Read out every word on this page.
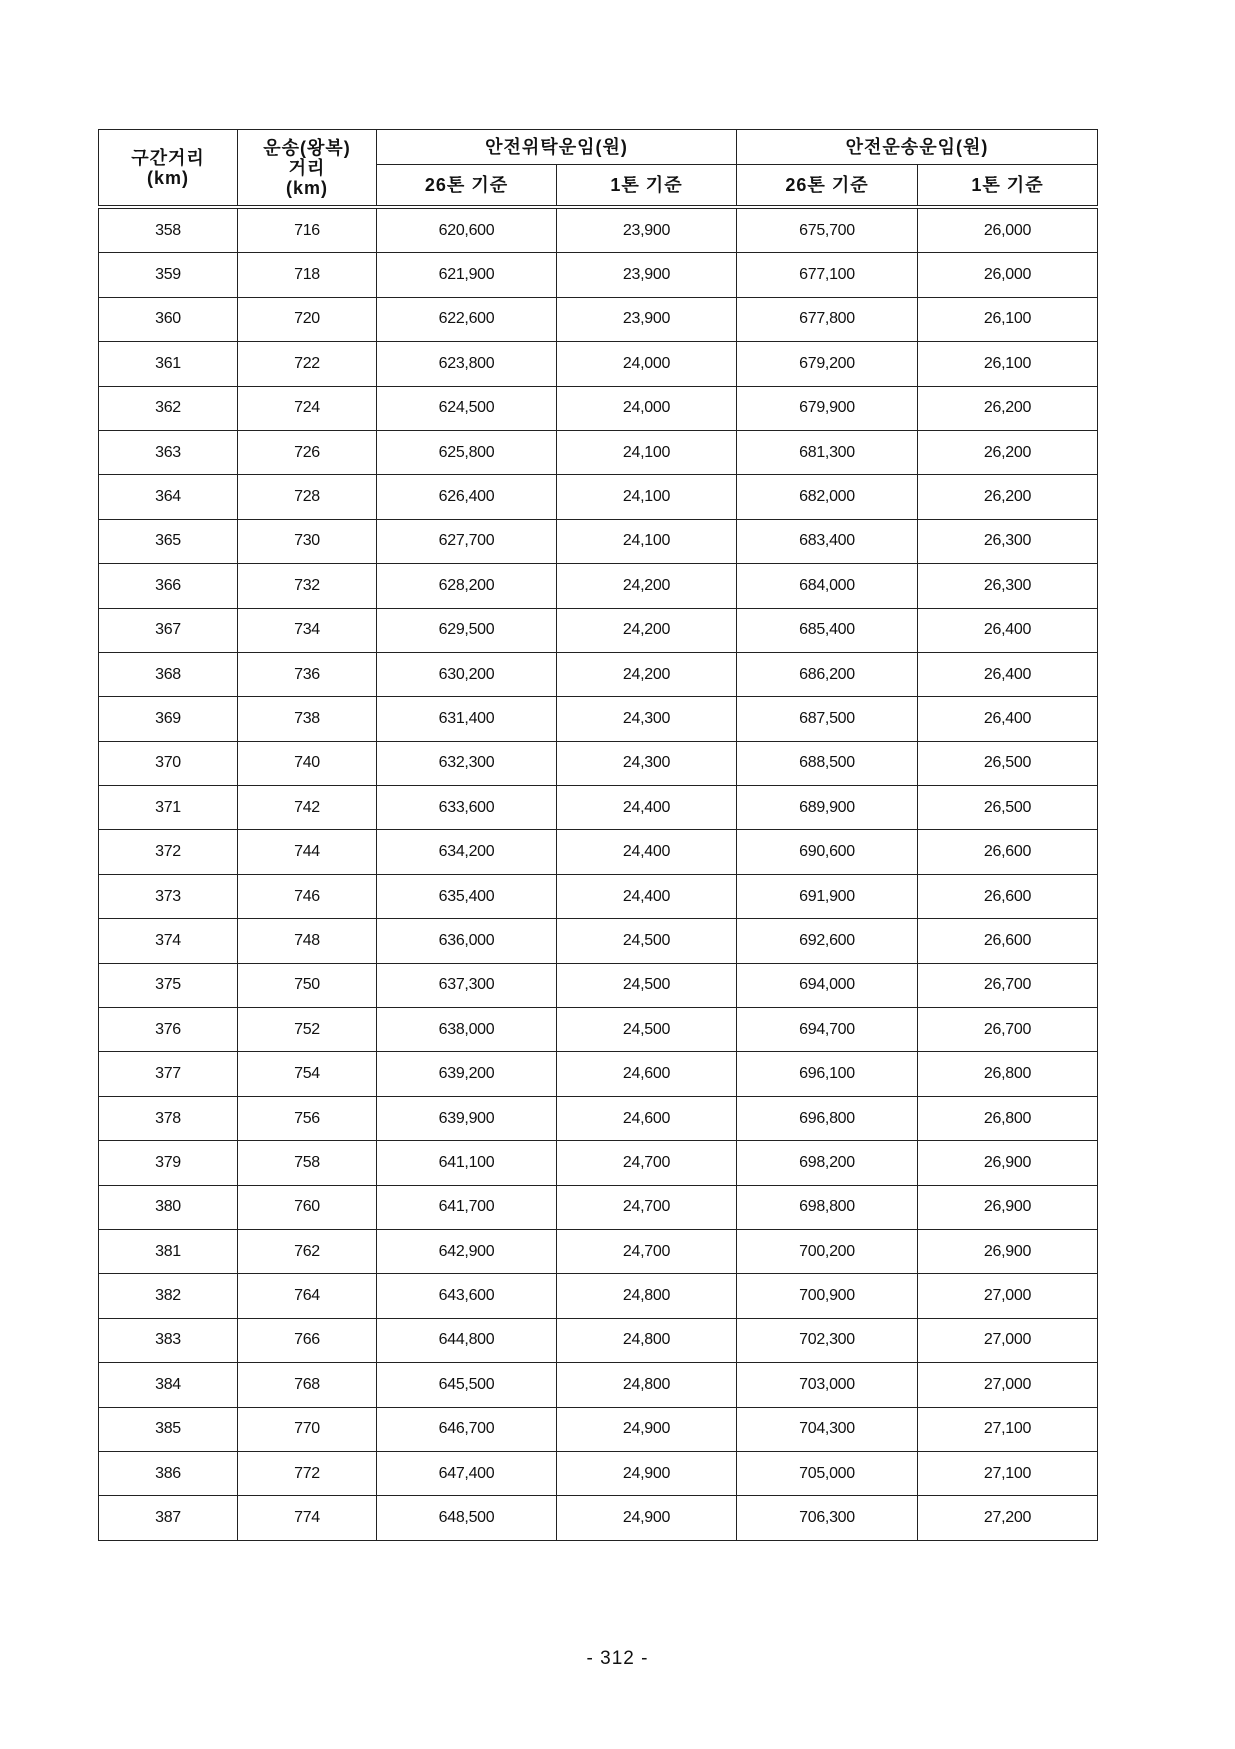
구간거리
(km)	운송(왕복)
거리
(km)	안전위탁운임(원)		안전운송운임(원)	
		26톤 기준	1톤 기준	26톤 기준	1톤 기준
358	716	620,600	23,900	675,700	26,000
359	718	621,900	23,900	677,100	26,000
360	720	622,600	23,900	677,800	26,100
361	722	623,800	24,000	679,200	26,100
362	724	624,500	24,000	679,900	26,200
363	726	625,800	24,100	681,300	26,200
364	728	626,400	24,100	682,000	26,200
365	730	627,700	24,100	683,400	26,300
366	732	628,200	24,200	684,000	26,300
367	734	629,500	24,200	685,400	26,400
368	736	630,200	24,200	686,200	26,400
369	738	631,400	24,300	687,500	26,400
370	740	632,300	24,300	688,500	26,500
371	742	633,600	24,400	689,900	26,500
372	744	634,200	24,400	690,600	26,600
373	746	635,400	24,400	691,900	26,600
374	748	636,000	24,500	692,600	26,600
375	750	637,300	24,500	694,000	26,700
376	752	638,000	24,500	694,700	26,700
377	754	639,200	24,600	696,100	26,800
378	756	639,900	24,600	696,800	26,800
379	758	641,100	24,700	698,200	26,900
380	760	641,700	24,700	698,800	26,900
381	762	642,900	24,700	700,200	26,900
382	764	643,600	24,800	700,900	27,000
383	766	644,800	24,800	702,300	27,000
384	768	645,500	24,800	703,000	27,000
385	770	646,700	24,900	704,300	27,100
386	772	647,400	24,900	705,000	27,100
387	774	648,500	24,900	706,300	27,200
- 312 -
